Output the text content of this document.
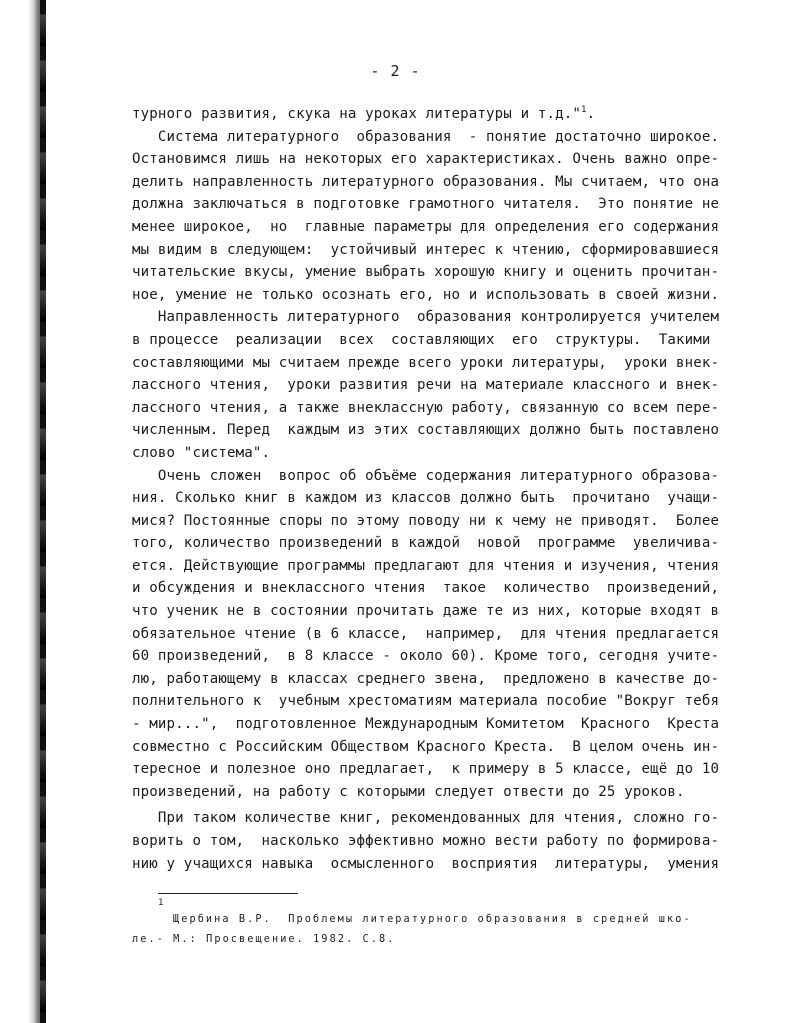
- 2 -
турного развития, скука на уроках литературы и т.д."$^1$.
Система литературного  образования  - понятие достаточно широкое.
Остановимся лишь на некоторых его характеристиках. Очень важно опре-
делить направленность литературного образования. Мы считаем, что она
должна заключаться в подготовке грамотного читателя.  Это понятие не
менее широкое,  но  главные параметры для определения его содержания
мы видим в следующем:  устойчивый интерес к чтению, сформировавшиеся
читательские вкусы, умение выбрать хорошую книгу и оценить прочитан-
ное, умение не только осознать его, но и использовать в своей жизни.
Направленность литературного  образования контролируется учителем
в процессе  реализации  всех  составляющих  его  структуры.  Такими
составляющими мы считаем прежде всего уроки литературы,  уроки внек-
лассного чтения,  уроки развития речи на материале классного и внек-
лассного чтения, а также внеклассную работу, связанную со всем пере-
численным. Перед  каждым из этих составляющих должно быть поставлено
слово "система".
Очень сложен  вопрос об объёме содержания литературного образова-
ния. Сколько книг в каждом из классов должно быть  прочитано  учащи-
мися? Постоянные споры по этому поводу ни к чему не приводят.  Более
того, количество произведений в каждой  новой  программе  увеличива-
ется. Действующие программы предлагают для чтения и изучения, чтения
и обсуждения и внеклассного чтения  такое  количество  произведений,
что ученик не в состоянии прочитать даже те из них, которые входят в
обязательное чтение (в 6 классе,  например,  для чтения предлагается
60 произведений,  в 8 классе - около 60). Кроме того, сегодня учите-
лю, работающему в классах среднего звена,  предложено в качестве до-
полнительного к  учебным хрестоматиям материала пособие "Вокруг тебя
- мир...",  подготовленное Международным Комитетом  Красного  Креста
совместно с Российским Обществом Красного Креста.  В целом очень ин-
тересное и полезное оно предлагает,  к примеру в 5 классе, ещё до 10
произведений, на работу с которыми следует отвести до 25 уроков.
При таком количестве книг, рекомендованных для чтения, сложно го-
ворить о том,  насколько эффективно можно вести работу по формирова-
нию у учащихся навыка  осмысленного  восприятия  литературы,  умения
1
Щербина В.Р.  Проблемы литературного образования в средней шко-
ле.- М.: Просвещение. 1982. С.8.
